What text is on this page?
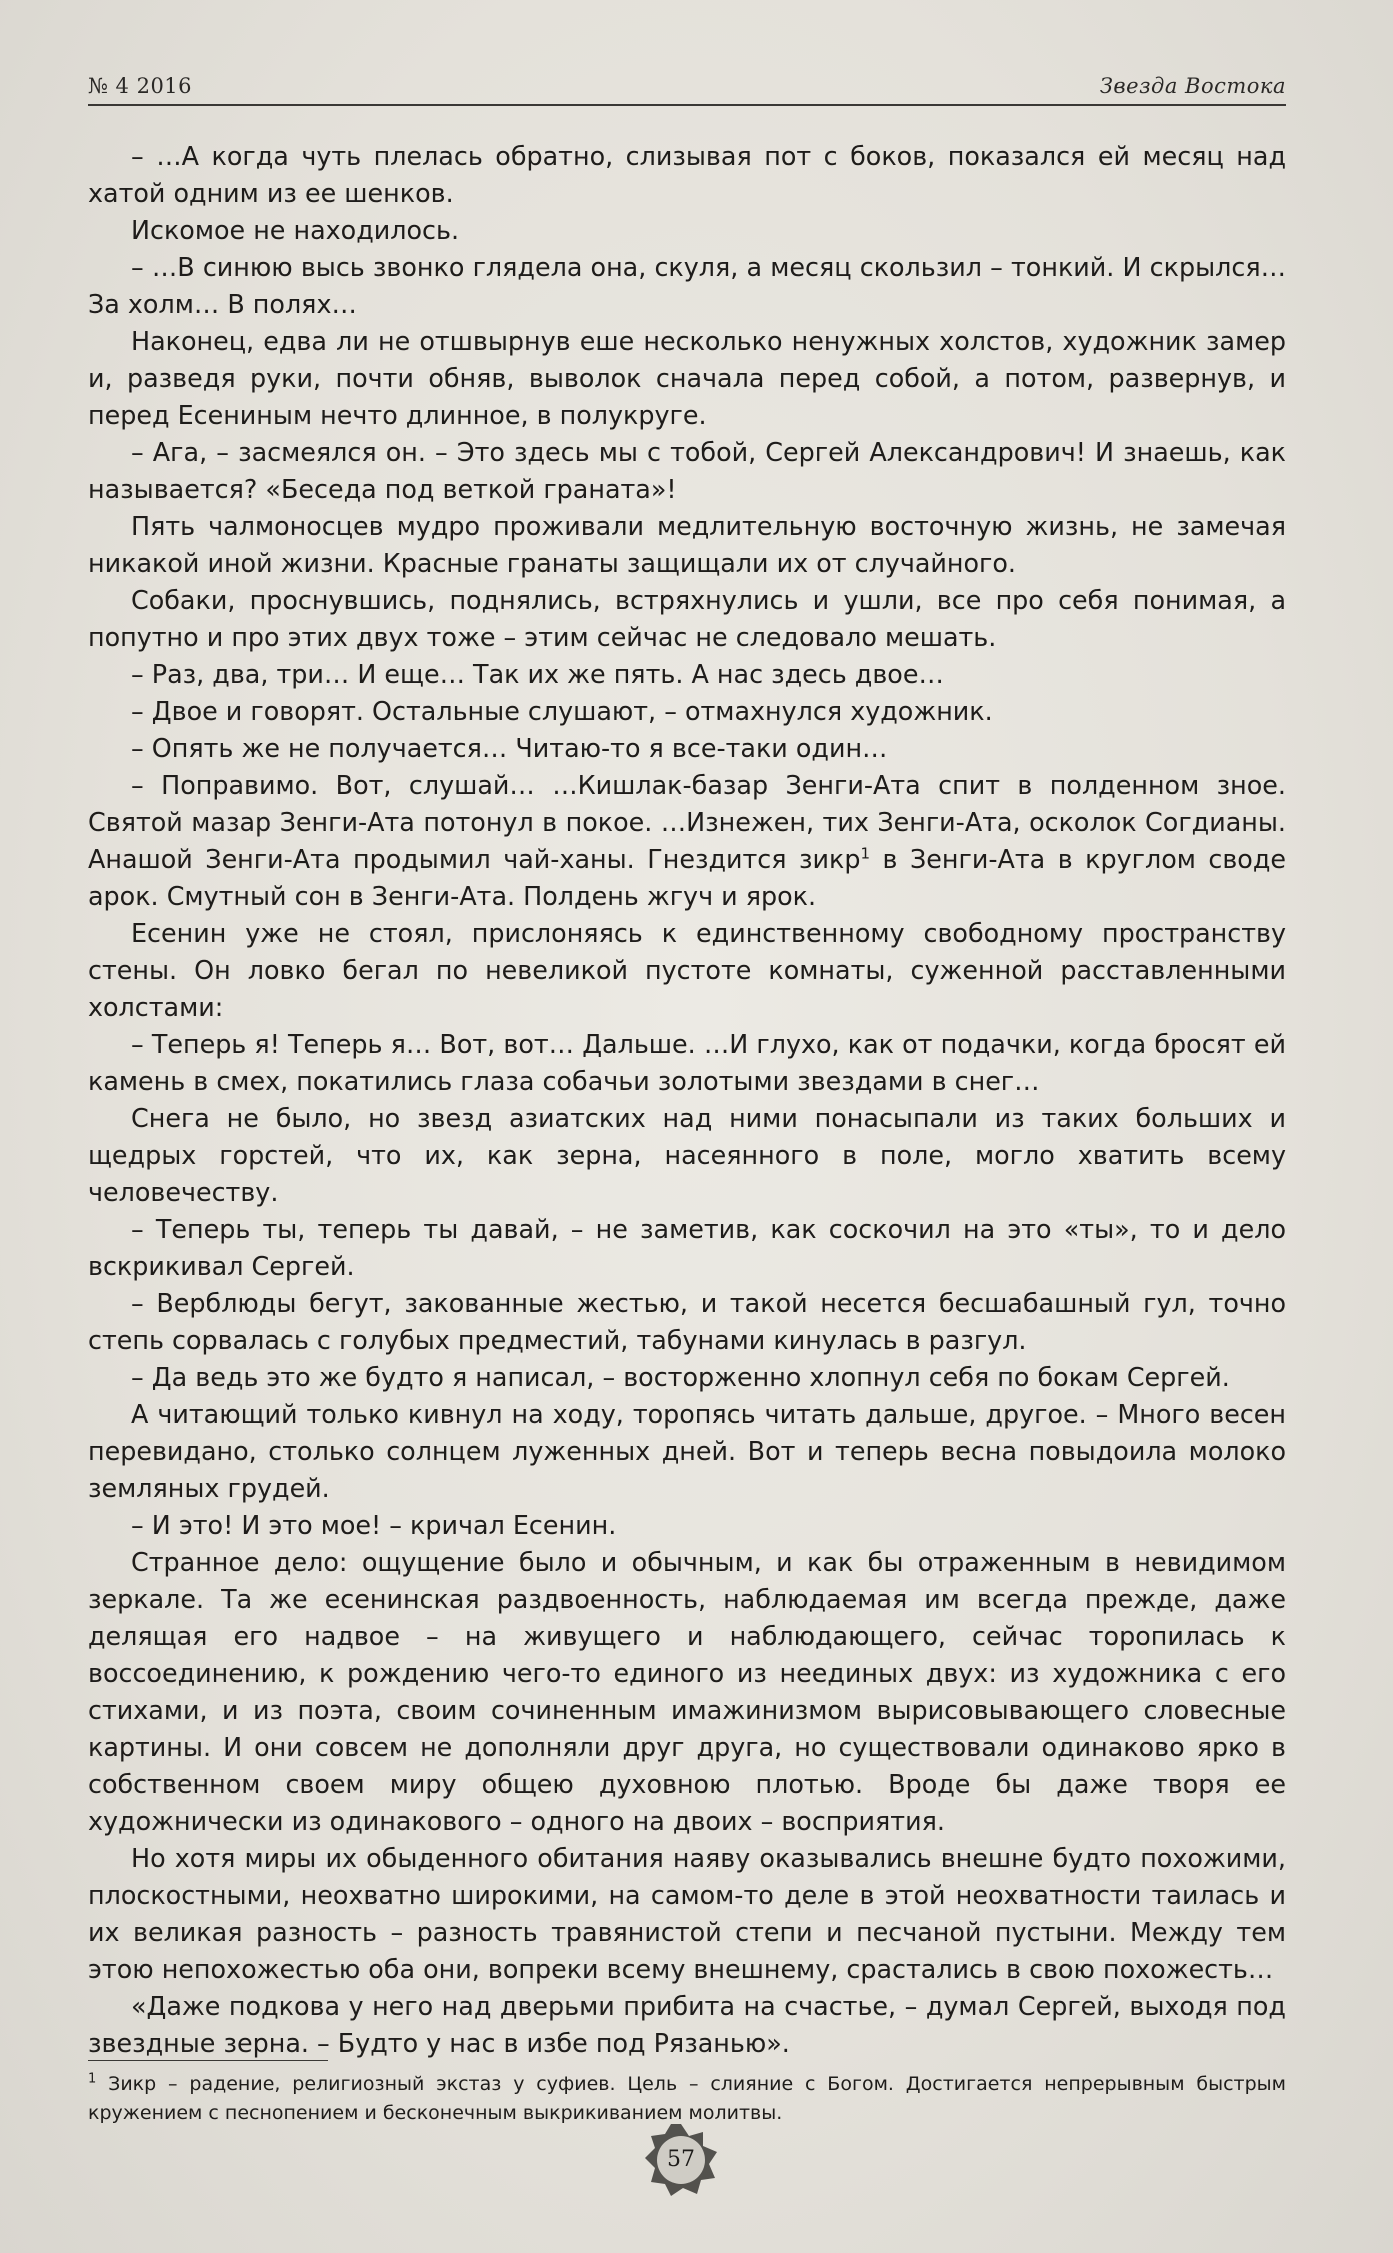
№ 4 2016	Звезда Востока

– …А когда чуть плелась обратно, слизывая пот с боков, показался ей месяц над хатой одним из ее шенков.

Искомое не находилось.

– …В синюю высь звонко глядела она, скуля, а месяц скользил – тонкий. И скрылся… За холм… В полях…

Наконец, едва ли не отшвырнув еше несколько ненужных холстов, художник замер и, разведя руки, почти обняв, выволок сначала перед собой, а потом, развернув, и перед Есениным нечто длинное, в полукруге.

– Ага, – засмеялся он. – Это здесь мы с тобой, Сергей Александрович! И знаешь, как называется? «Беседа под веткой граната»!

Пять чалмоносцев мудро проживали медлительную восточную жизнь, не замечая никакой иной жизни. Красные гранаты защищали их от случайного.

Собаки, проснувшись, поднялись, встряхнулись и ушли, все про себя понимая, а попутно и про этих двух тоже – этим сейчас не следовало мешать.

– Раз, два, три… И еще… Так их же пять. А нас здесь двое…

– Двое и говорят. Остальные слушают, – отмахнулся художник.

– Опять же не получается… Читаю-то я все-таки один…

– Поправимо. Вот, слушай… …Кишлак-базар Зенги-Ата спит в полденном зное. Святой мазар Зенги-Ата потонул в покое. …Изнежен, тих Зенги-Ата, осколок Согдианы. Анашой Зенги-Ата продымил чай-ханы. Гнездится зикр$^1$ в Зенги-Ата в круглом своде арок. Смутный сон в Зенги-Ата. Полдень жгуч и ярок.

Есенин уже не стоял, прислоняясь к единственному свободному пространству стены. Он ловко бегал по невеликой пустоте комнаты, суженной расставленными холстами:

– Теперь я! Теперь я… Вот, вот… Дальше. …И глухо, как от подачки, когда бросят ей камень в смех, покатились глаза собачьи золотыми звездами в снег…

Снега не было, но звезд азиатских над ними понасыпали из таких больших и щедрых горстей, что их, как зерна, насеянного в поле, могло хватить всему человечеству.

– Теперь ты, теперь ты давай, – не заметив, как соскочил на это «ты», то и дело вскрикивал Сергей.

– Верблюды бегут, закованные жестью, и такой несется бесшабашный гул, точно степь сорвалась с голубых предместий, табунами кинулась в разгул.

– Да ведь это же будто я написал, – восторженно хлопнул себя по бокам Сергей.

А читающий только кивнул на ходу, торопясь читать дальше, другое. – Много весен перевидано, столько солнцем луженных дней. Вот и теперь весна повыдоила молоко земляных грудей.

– И это! И это мое! – кричал Есенин.

Странное дело: ощущение было и обычным, и как бы отраженным в невидимом зеркале. Та же есенинская раздвоенность, наблюдаемая им всегда прежде, даже делящая его надвое – на живущего и наблюдающего, сейчас торопилась к воссоединению, к рождению чего-то единого из неединых двух: из художника с его стихами, и из поэта, своим сочиненным имажинизмом вырисовывающего словесные картины. И они совсем не дополняли друг друга, но существовали одинаково ярко в собственном своем миру общею духовною плотью. Вроде бы даже творя ее художнически из одинакового – одного на двоих – восприятия.

Но хотя миры их обыденного обитания наяву оказывались внешне будто похожими, плоскостными, неохватно широкими, на самом-то деле в этой неохватности таилась и их великая разность – разность травянистой степи и песчаной пустыни. Между тем этою непохожестью оба они, вопреки всему внешнему, срастались в свою похожесть…

«Даже подкова у него над дверьми прибита на счастье, – думал Сергей, выходя под звездные зерна. – Будто у нас в избе под Рязанью».

$^1$ Зикр – радение, религиозный экстаз у суфиев. Цель – слияние с Богом. Достигается непрерывным быстрым кружением с песнопением и бесконечным выкрикиванием молитвы.
57
